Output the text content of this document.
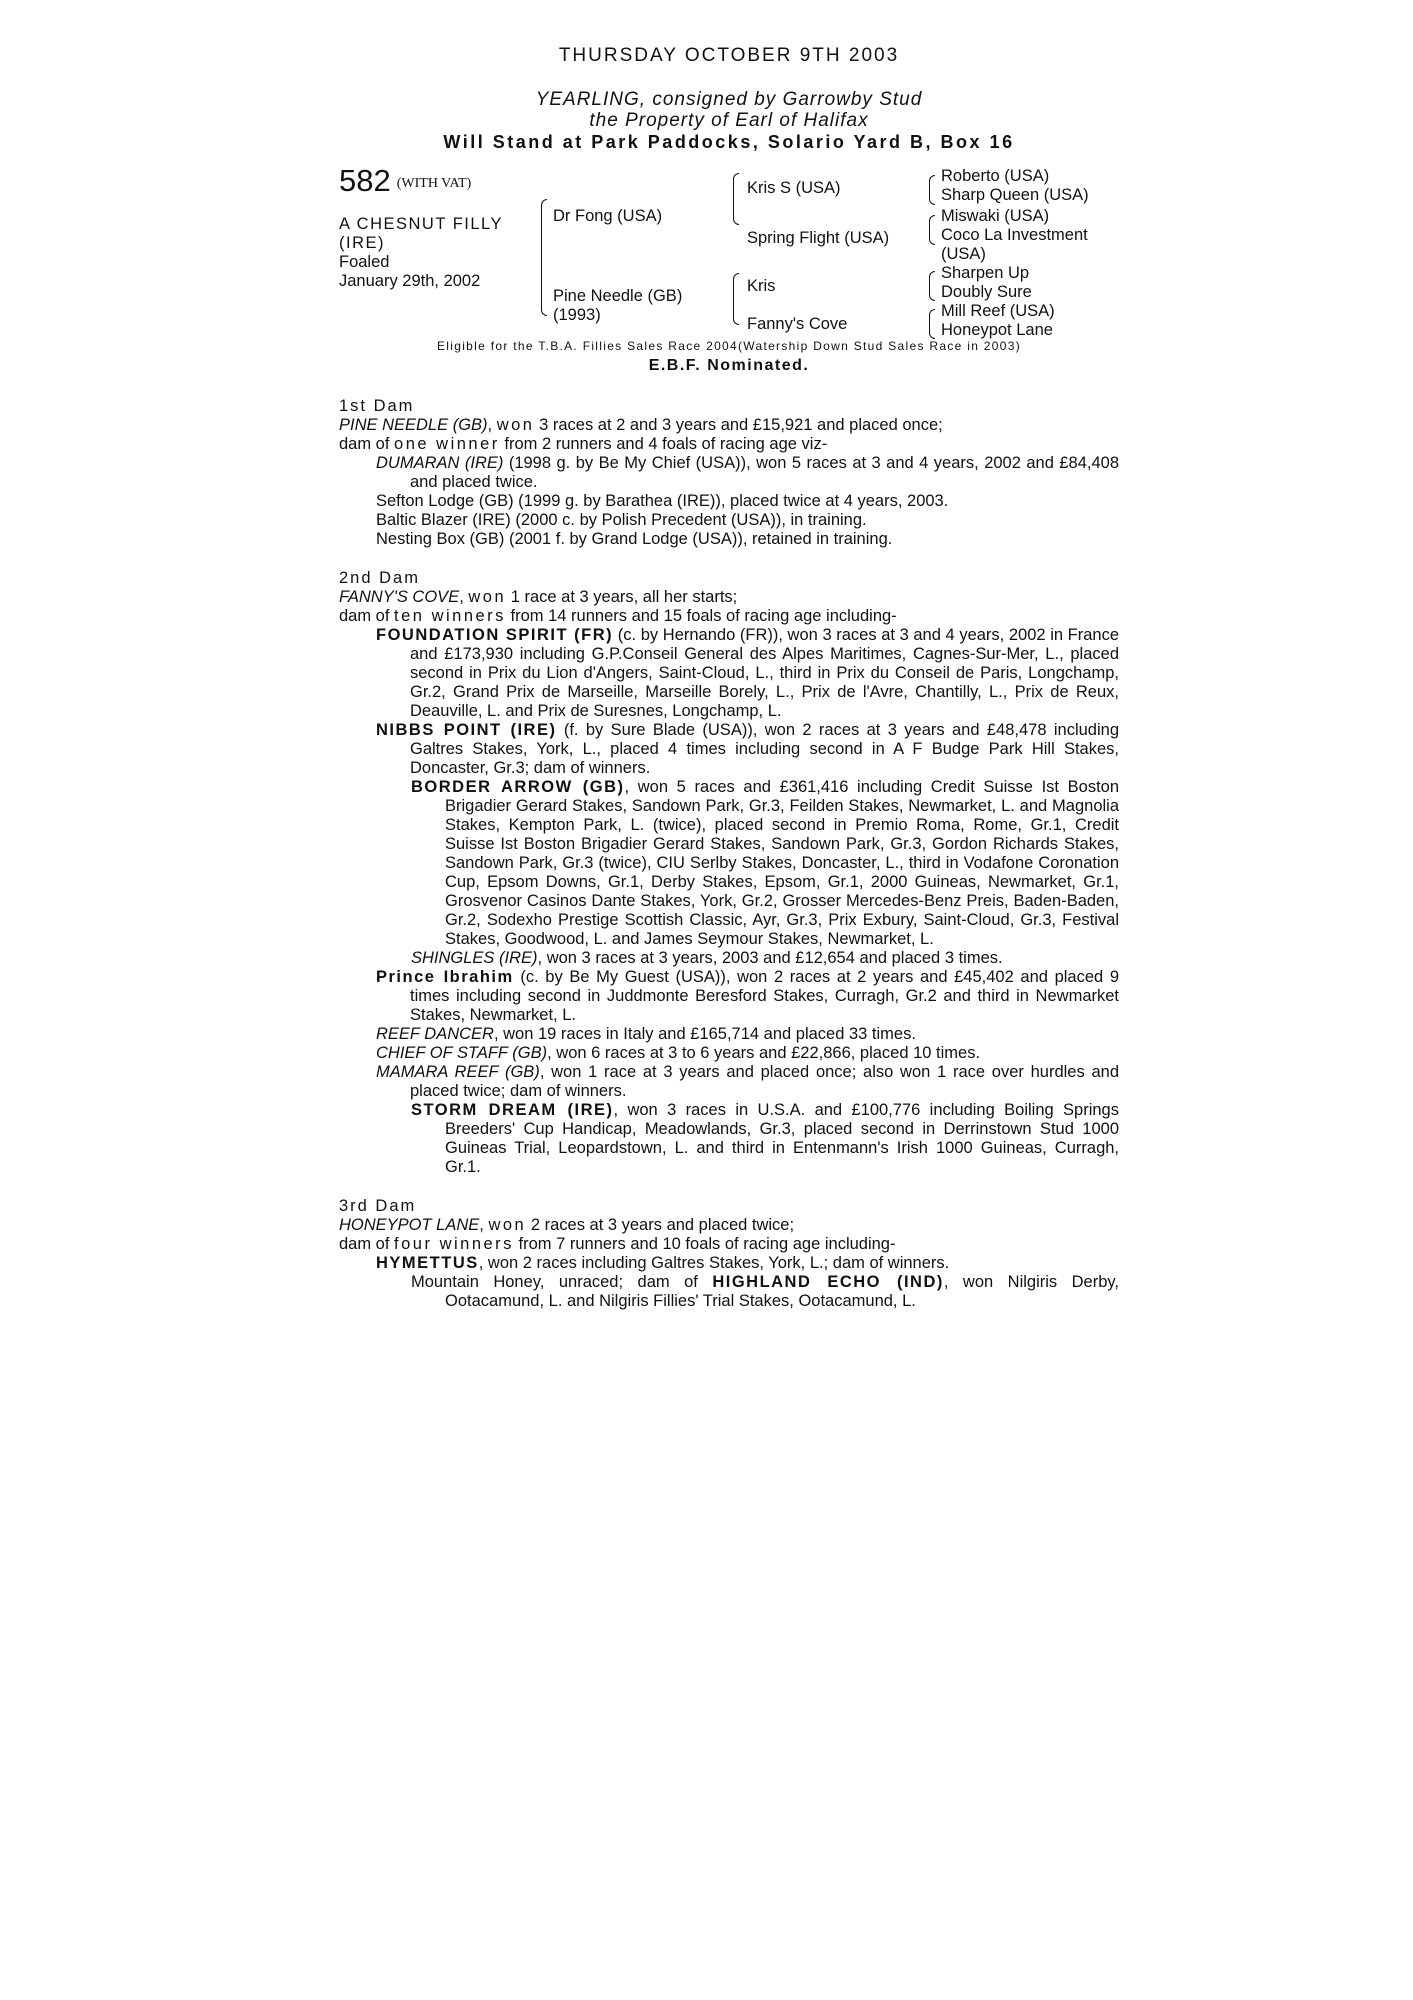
THURSDAY OCTOBER 9TH 2003
YEARLING, consigned by Garrowby Stud
the Property of Earl of Halifax
Will Stand at Park Paddocks, Solario Yard B, Box 16
582 (WITH VAT)
A CHESNUT FILLY
(IRE)
Foaled
January 29th, 2002
Dr Fong (USA)
Pine Needle (GB)
(1993)
Kris S (USA)
Spring Flight (USA)
Kris
Fanny's Cove
Roberto (USA)
Sharp Queen (USA)
Miswaki (USA)
Coco La Investment
(USA)
Sharpen Up
Doubly Sure
Mill Reef (USA)
Honeypot Lane
Eligible for the T.B.A. Fillies Sales Race 2004(Watership Down Stud Sales Race in 2003)
E.B.F. Nominated.
1st Dam
PINE NEEDLE (GB), won 3 races at 2 and 3 years and £15,921 and placed once;
dam of one winner from 2 runners and 4 foals of racing age viz-
DUMARAN (IRE) (1998 g. by Be My Chief (USA)), won 5 races at 3 and 4 years, 2002 and £84,408 and placed twice.
Sefton Lodge (GB) (1999 g. by Barathea (IRE)), placed twice at 4 years, 2003.
Baltic Blazer (IRE) (2000 c. by Polish Precedent (USA)), in training.
Nesting Box (GB) (2001 f. by Grand Lodge (USA)), retained in training.
2nd Dam
FANNY'S COVE, won 1 race at 3 years, all her starts;
dam of ten winners from 14 runners and 15 foals of racing age including-
FOUNDATION SPIRIT (FR) (c. by Hernando (FR)), won 3 races at 3 and 4 years, 2002 in France and £173,930 including G.P.Conseil General des Alpes Maritimes, Cagnes-Sur-Mer, L., placed second in Prix du Lion d'Angers, Saint-Cloud, L., third in Prix du Conseil de Paris, Longchamp, Gr.2, Grand Prix de Marseille, Marseille Borely, L., Prix de l'Avre, Chantilly, L., Prix de Reux, Deauville, L. and Prix de Suresnes, Longchamp, L.
NIBBS POINT (IRE) (f. by Sure Blade (USA)), won 2 races at 3 years and £48,478 including Galtres Stakes, York, L., placed 4 times including second in A F Budge Park Hill Stakes, Doncaster, Gr.3; dam of winners.
BORDER ARROW (GB), won 5 races and £361,416 including Credit Suisse Ist Boston Brigadier Gerard Stakes, Sandown Park, Gr.3, Feilden Stakes, Newmarket, L. and Magnolia Stakes, Kempton Park, L. (twice), placed second in Premio Roma, Rome, Gr.1, Credit Suisse Ist Boston Brigadier Gerard Stakes, Sandown Park, Gr.3, Gordon Richards Stakes, Sandown Park, Gr.3 (twice), CIU Serlby Stakes, Doncaster, L., third in Vodafone Coronation Cup, Epsom Downs, Gr.1, Derby Stakes, Epsom, Gr.1, 2000 Guineas, Newmarket, Gr.1, Grosvenor Casinos Dante Stakes, York, Gr.2, Grosser Mercedes-Benz Preis, Baden-Baden, Gr.2, Sodexho Prestige Scottish Classic, Ayr, Gr.3, Prix Exbury, Saint-Cloud, Gr.3, Festival Stakes, Goodwood, L. and James Seymour Stakes, Newmarket, L.
SHINGLES (IRE), won 3 races at 3 years, 2003 and £12,654 and placed 3 times.
Prince Ibrahim (c. by Be My Guest (USA)), won 2 races at 2 years and £45,402 and placed 9 times including second in Juddmonte Beresford Stakes, Curragh, Gr.2 and third in Newmarket Stakes, Newmarket, L.
REEF DANCER, won 19 races in Italy and £165,714 and placed 33 times.
CHIEF OF STAFF (GB), won 6 races at 3 to 6 years and £22,866, placed 10 times.
MAMARA REEF (GB), won 1 race at 3 years and placed once; also won 1 race over hurdles and placed twice; dam of winners.
STORM DREAM (IRE), won 3 races in U.S.A. and £100,776 including Boiling Springs Breeders' Cup Handicap, Meadowlands, Gr.3, placed second in Derrinstown Stud 1000 Guineas Trial, Leopardstown, L. and third in Entenmann's Irish 1000 Guineas, Curragh, Gr.1.
3rd Dam
HONEYPOT LANE, won 2 races at 3 years and placed twice;
dam of four winners from 7 runners and 10 foals of racing age including-
HYMETTUS, won 2 races including Galtres Stakes, York, L.; dam of winners.
Mountain Honey, unraced; dam of HIGHLAND ECHO (IND), won Nilgiris Derby, Ootacamund, L. and Nilgiris Fillies' Trial Stakes, Ootacamund, L.
